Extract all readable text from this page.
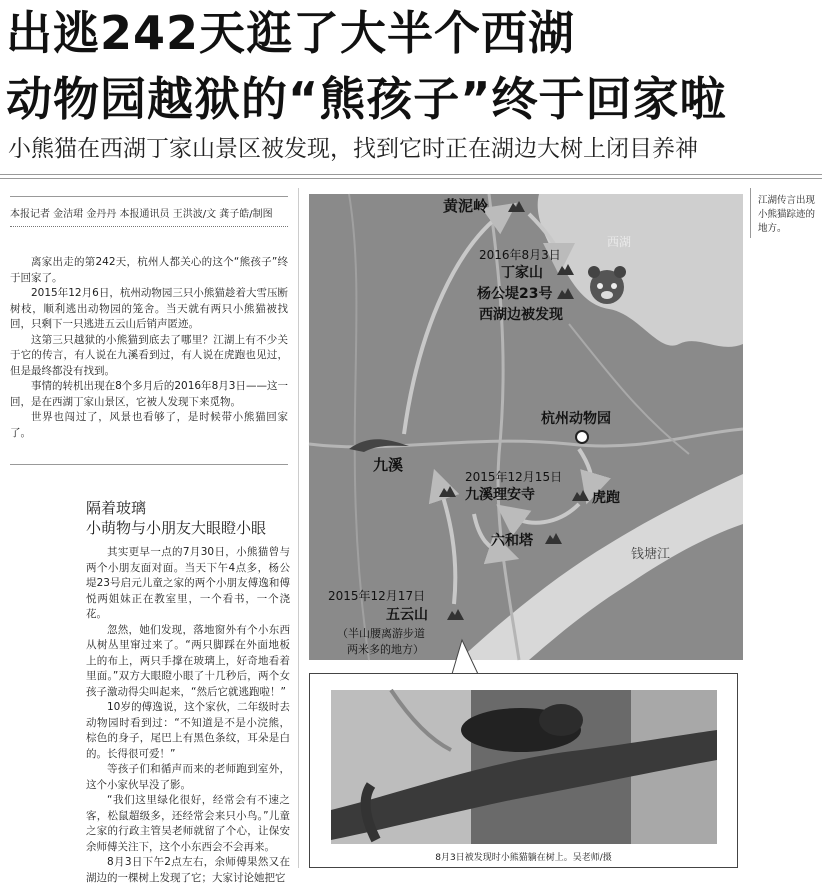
出逃242天逛了大半个西湖
动物园越狱的“熊孩子”终于回家啦
小熊猫在西湖丁家山景区被发现，找到它时正在湖边大树上闭目养神
本报记者 金洁珺 金丹丹 本报通讯员 王洪波/文 龚子皓/制图

离家出走的第242天，杭州人都关心的这个“熊孩子”终于回家了。

2015年12月6日，杭州动物园三只小熊猫趁着大雪压断树枝，顺利逃出动物园的笼舍。当天就有两只小熊猫被找回，只剩下一只逃进五云山后销声匿迹。

这第三只越狱的小熊猫到底去了哪里？江湖上有不少关于它的传言，有人说在九溪看到过，有人说在虎跑也见过，但是最终都没有找到。

事情的转机出现在8个多月后的2016年8月3日——这一回，是在西湖丁家山景区，它被人发现下来觅物。

世界也闯过了，风景也看够了，是时候带小熊猫回家了。

隔着玻璃
小萌物与小朋友大眼瞪小眼

其实更早一点的7月30日，小熊猫曾与两个小朋友面对面。当天下午4点多，杨公堤23号启元儿童之家的两个小朋友傅逸和傅悦两姐妹正在教室里，一个看书，一个浇花。

忽然，她们发现，落地窗外有个小东西从树丛里窜过来了。“两只脚踩在外面地板上的布上，两只手撑在玻璃上，好奇地看着里面。”双方大眼瞪小眼了十几秒后，两个女孩子激动得尖叫起来，“然后它就逃跑啦！”

10岁的傅逸说，这个家伙，二年级时去动物园时看到过：“不知道是不是小浣熊，棕色的身子，尾巴上有黑色条纹，耳朵是白的。长得很可爱！”

等孩子们和循声而来的老师跑到室外，这个小家伙早没了影。

“我们这里绿化很好，经常会有不速之客，松鼠超级多，还经常会来只小鸟。”儿童之家的行政主管吴老师就留了个心，让保安余师傅关注下，这个小东西会不会再来。

8月3日下午2点左右，余师傅果然又在湖边的一棵树上发现了它；大家讨论她把它

江湖传言出现小熊猫踪迹的地方。
黄泥岭
西湖
2016年8月3日
丁家山
杨公堤23号
西湖边被发现
杭州动物园
九溪
2015年12月15日
九溪理安寺	虎跑
六和塔
钱塘江
2015年12月17日
五云山
（半山腰离游步道
两米多的地方）
8月3日被发现时小熊猫躺在树上。吴老师/摄
